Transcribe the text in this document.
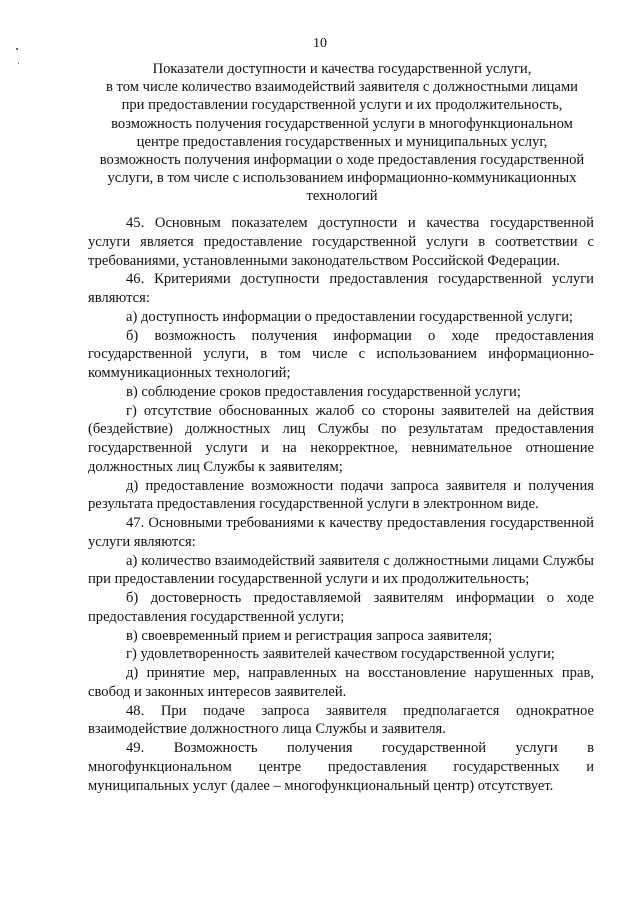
10
Показатели доступности и качества государственной услуги,
в том числе количество взаимодействий заявителя с должностными лицами
при предоставлении государственной услуги и их продолжительность,
возможность получения государственной услуги в многофункциональном
центре предоставления государственных и муниципальных услуг,
возможность получения информации о ходе предоставления государственной
услуги, в том числе с использованием информационно-коммуникационных
технологий

45. Основным показателем доступности и качества государственной услуги является предоставление государственной услуги в соответствии с требованиями, установленными законодательством Российской Федерации.

46. Критериями доступности предоставления государственной услуги являются:

а) доступность информации о предоставлении государственной услуги;

б) возможность получения информации о ходе предоставления государственной услуги, в том числе с использованием информационно-коммуникационных технологий;

в) соблюдение сроков предоставления государственной услуги;

г) отсутствие обоснованных жалоб со стороны заявителей на действия (бездействие) должностных лиц Службы по результатам предоставления государственной услуги и на некорректное, невнимательное отношение должностных лиц Службы к заявителям;

д) предоставление возможности подачи запроса заявителя и получения результата предоставления государственной услуги в электронном виде.

47. Основными требованиями к качеству предоставления государственной услуги являются:

а) количество взаимодействий заявителя с должностными лицами Службы при предоставлении государственной услуги и их продолжительность;

б) достоверность предоставляемой заявителям информации о ходе предоставления государственной услуги;

в) своевременный прием и регистрация запроса заявителя;

г) удовлетворенность заявителей качеством государственной услуги;

д) принятие мер, направленных на восстановление нарушенных прав, свобод и законных интересов заявителей.

48. При подаче запроса заявителя предполагается однократное взаимодействие должностного лица Службы и заявителя.

49. Возможность получения государственной услуги в многофункциональном центре предоставления государственных и муниципальных услуг (далее – многофункциональный центр) отсутствует.
